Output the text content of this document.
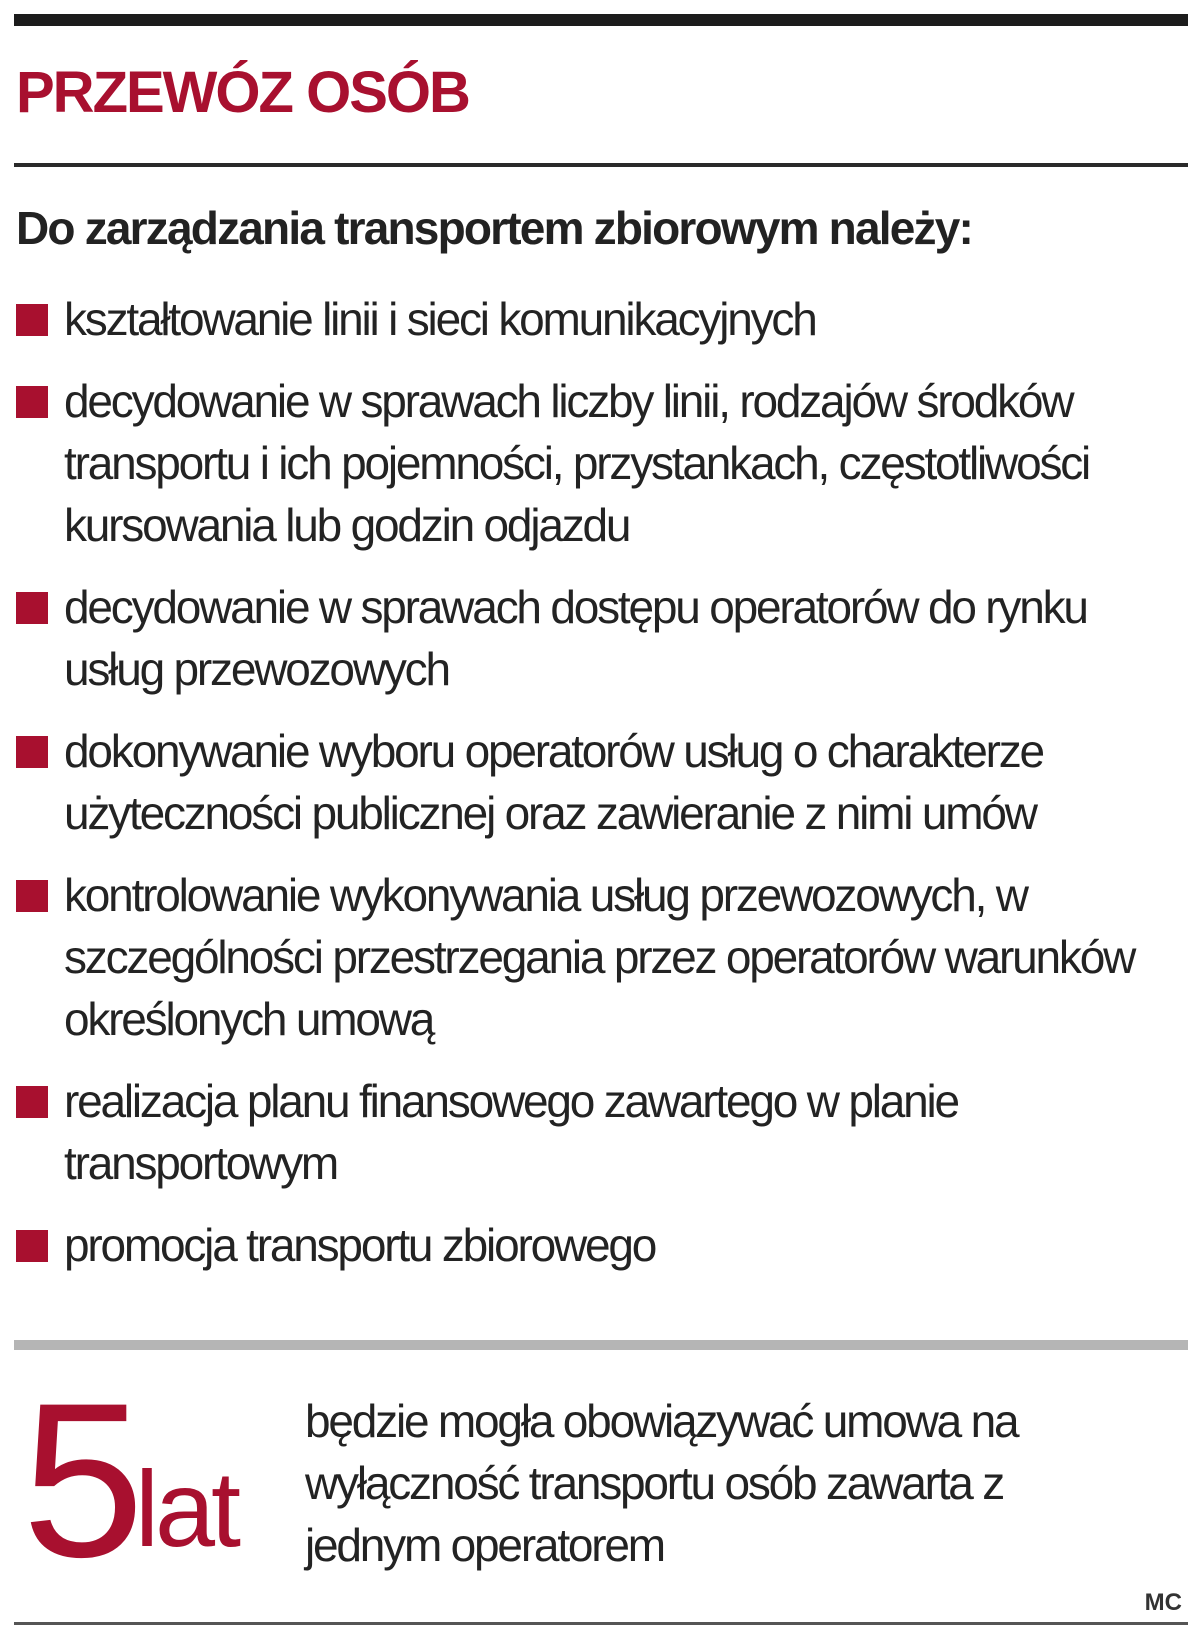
PRZEWÓZ OSÓB
Do zarządzania transportem zbiorowym należy:
kształtowanie linii i sieci komunikacyjnych
decydowanie w sprawach liczby linii, rodzajów środków transportu i ich pojemności, przystankach, częstotliwości kursowania lub godzin odjazdu
decydowanie w sprawach dostępu operatorów do rynku usług przewozowych
dokonywanie wyboru operatorów usług o charakterze użyteczności publicznej oraz zawieranie z nimi umów
kontrolowanie wykonywania usług przewozowych, w szczególności przestrzegania przez operatorów warunków określonych umową
realizacja planu finansowego zawartego w planie transportowym
promocja transportu zbiorowego
5
lat
będzie mogła obowiązywać umowa na wyłączność transportu osób zawarta z jednym operatorem
MC
